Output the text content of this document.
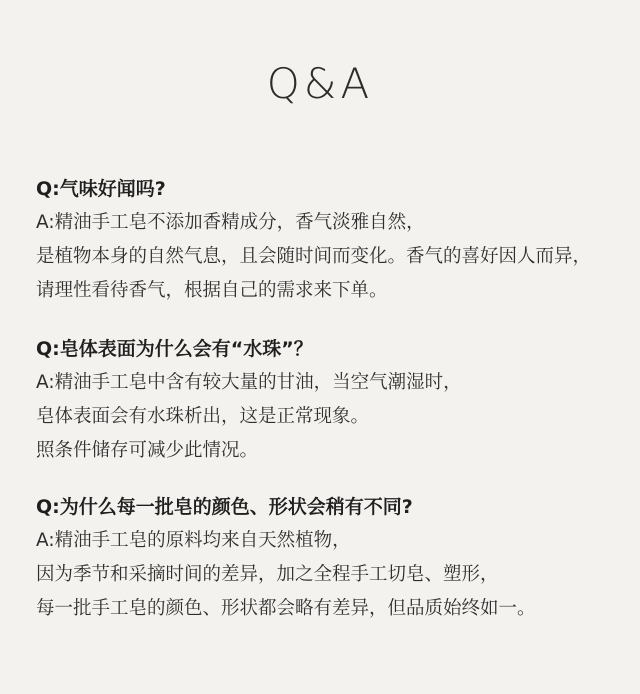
Q&A
Q:气味好闻吗?
A:精油手工皂不添加香精成分，香气淡雅自然，
是植物本身的自然气息，且会随时间而变化。香气的喜好因人而异，
请理性看待香气，根据自己的需求来下单。
Q:皂体表面为什么会有“水珠”？
A:精油手工皂中含有较大量的甘油，当空气潮湿时，
皂体表面会有水珠析出，这是正常现象。
照条件储存可减少此情况。
Q:为什么每一批皂的颜色、形状会稍有不同?
A:精油手工皂的原料均来自天然植物，
因为季节和采摘时间的差异，加之全程手工切皂、塑形，
每一批手工皂的颜色、形状都会略有差异，但品质始终如一。
